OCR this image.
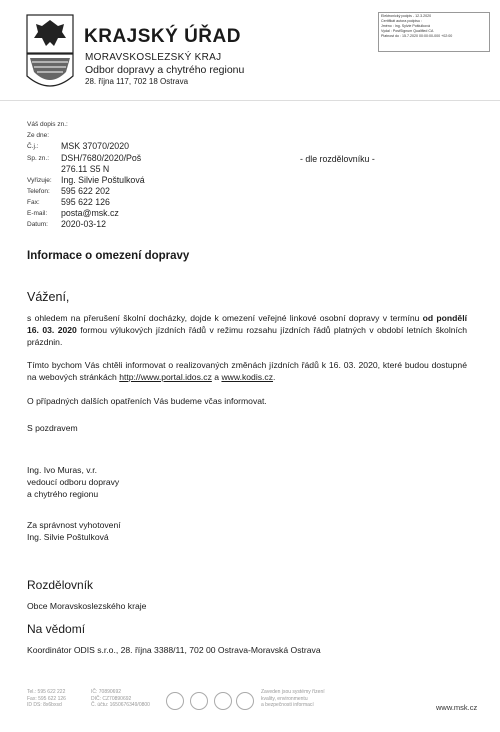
KRAJSKÝ ÚŘAD
MORAVSKOSLEZSKÝ KRAJ
Odbor dopravy a chytrého regionu
28. října 117, 702 18 Ostrava
Elektronický podpis - 12.3.2020
Certifikát autora podpisu :
Jméno : Ing. Sylvie Poštulková
Vydal : PostSignum Qualified CA
Platnost do : 15.7.2020 00:00:00-000 +02:00
Váš dopis zn.:
Ze dne:
Č.j.:	MSK 37070/2020
Sp. zn.: DSH/7680/2020/Poš
276.11 S5 N
Vyřizuje: Ing. Silvie Poštulková
Telefon: 595 622 202
Fax: 595 622 126
E-mail: posta@msk.cz
Datum: 2020-03-12
- dle rozdělovníku -
Informace o omezení dopravy
Vážení,
s ohledem na přerušení školní docházky, dojde k omezení veřejné linkové osobní dopravy v termínu od pondělí 16. 03. 2020 formou výlukových jízdních řádů v režimu rozsahu jízdních řádů platných v období letních školních prázdnin.
Tímto bychom Vás chtěli informovat o realizovaných změnách jízdních řádů k 16. 03. 2020, které budou dostupné na webových stránkách http://www.portal.idos.cz a www.kodis.cz.
O případných dalších opatřeních Vás budeme včas informovat.
S pozdravem
Ing. Ivo Muras, v.r.
vedoucí odboru dopravy
a chytrého regionu
Za správnost vyhotovení
Ing. Silvie Poštulková
Rozdělovník
Obce Moravskoslezského kraje
Na vědomí
Koordinátor ODIS s.r.o., 28. října 3388/11, 702 00 Ostrava-Moravská Ostrava
Tel.: 595 622 222
Fax: 595 622 126
ID DS: 8x6bxsd
IČ: 70890692
DIČ: CZ70890692
Č. účtu: 1650676349/0800
Zaveden jsou systémy řízení
kvality, environmentu
a bezpečnosti informací	www.msk.cz
